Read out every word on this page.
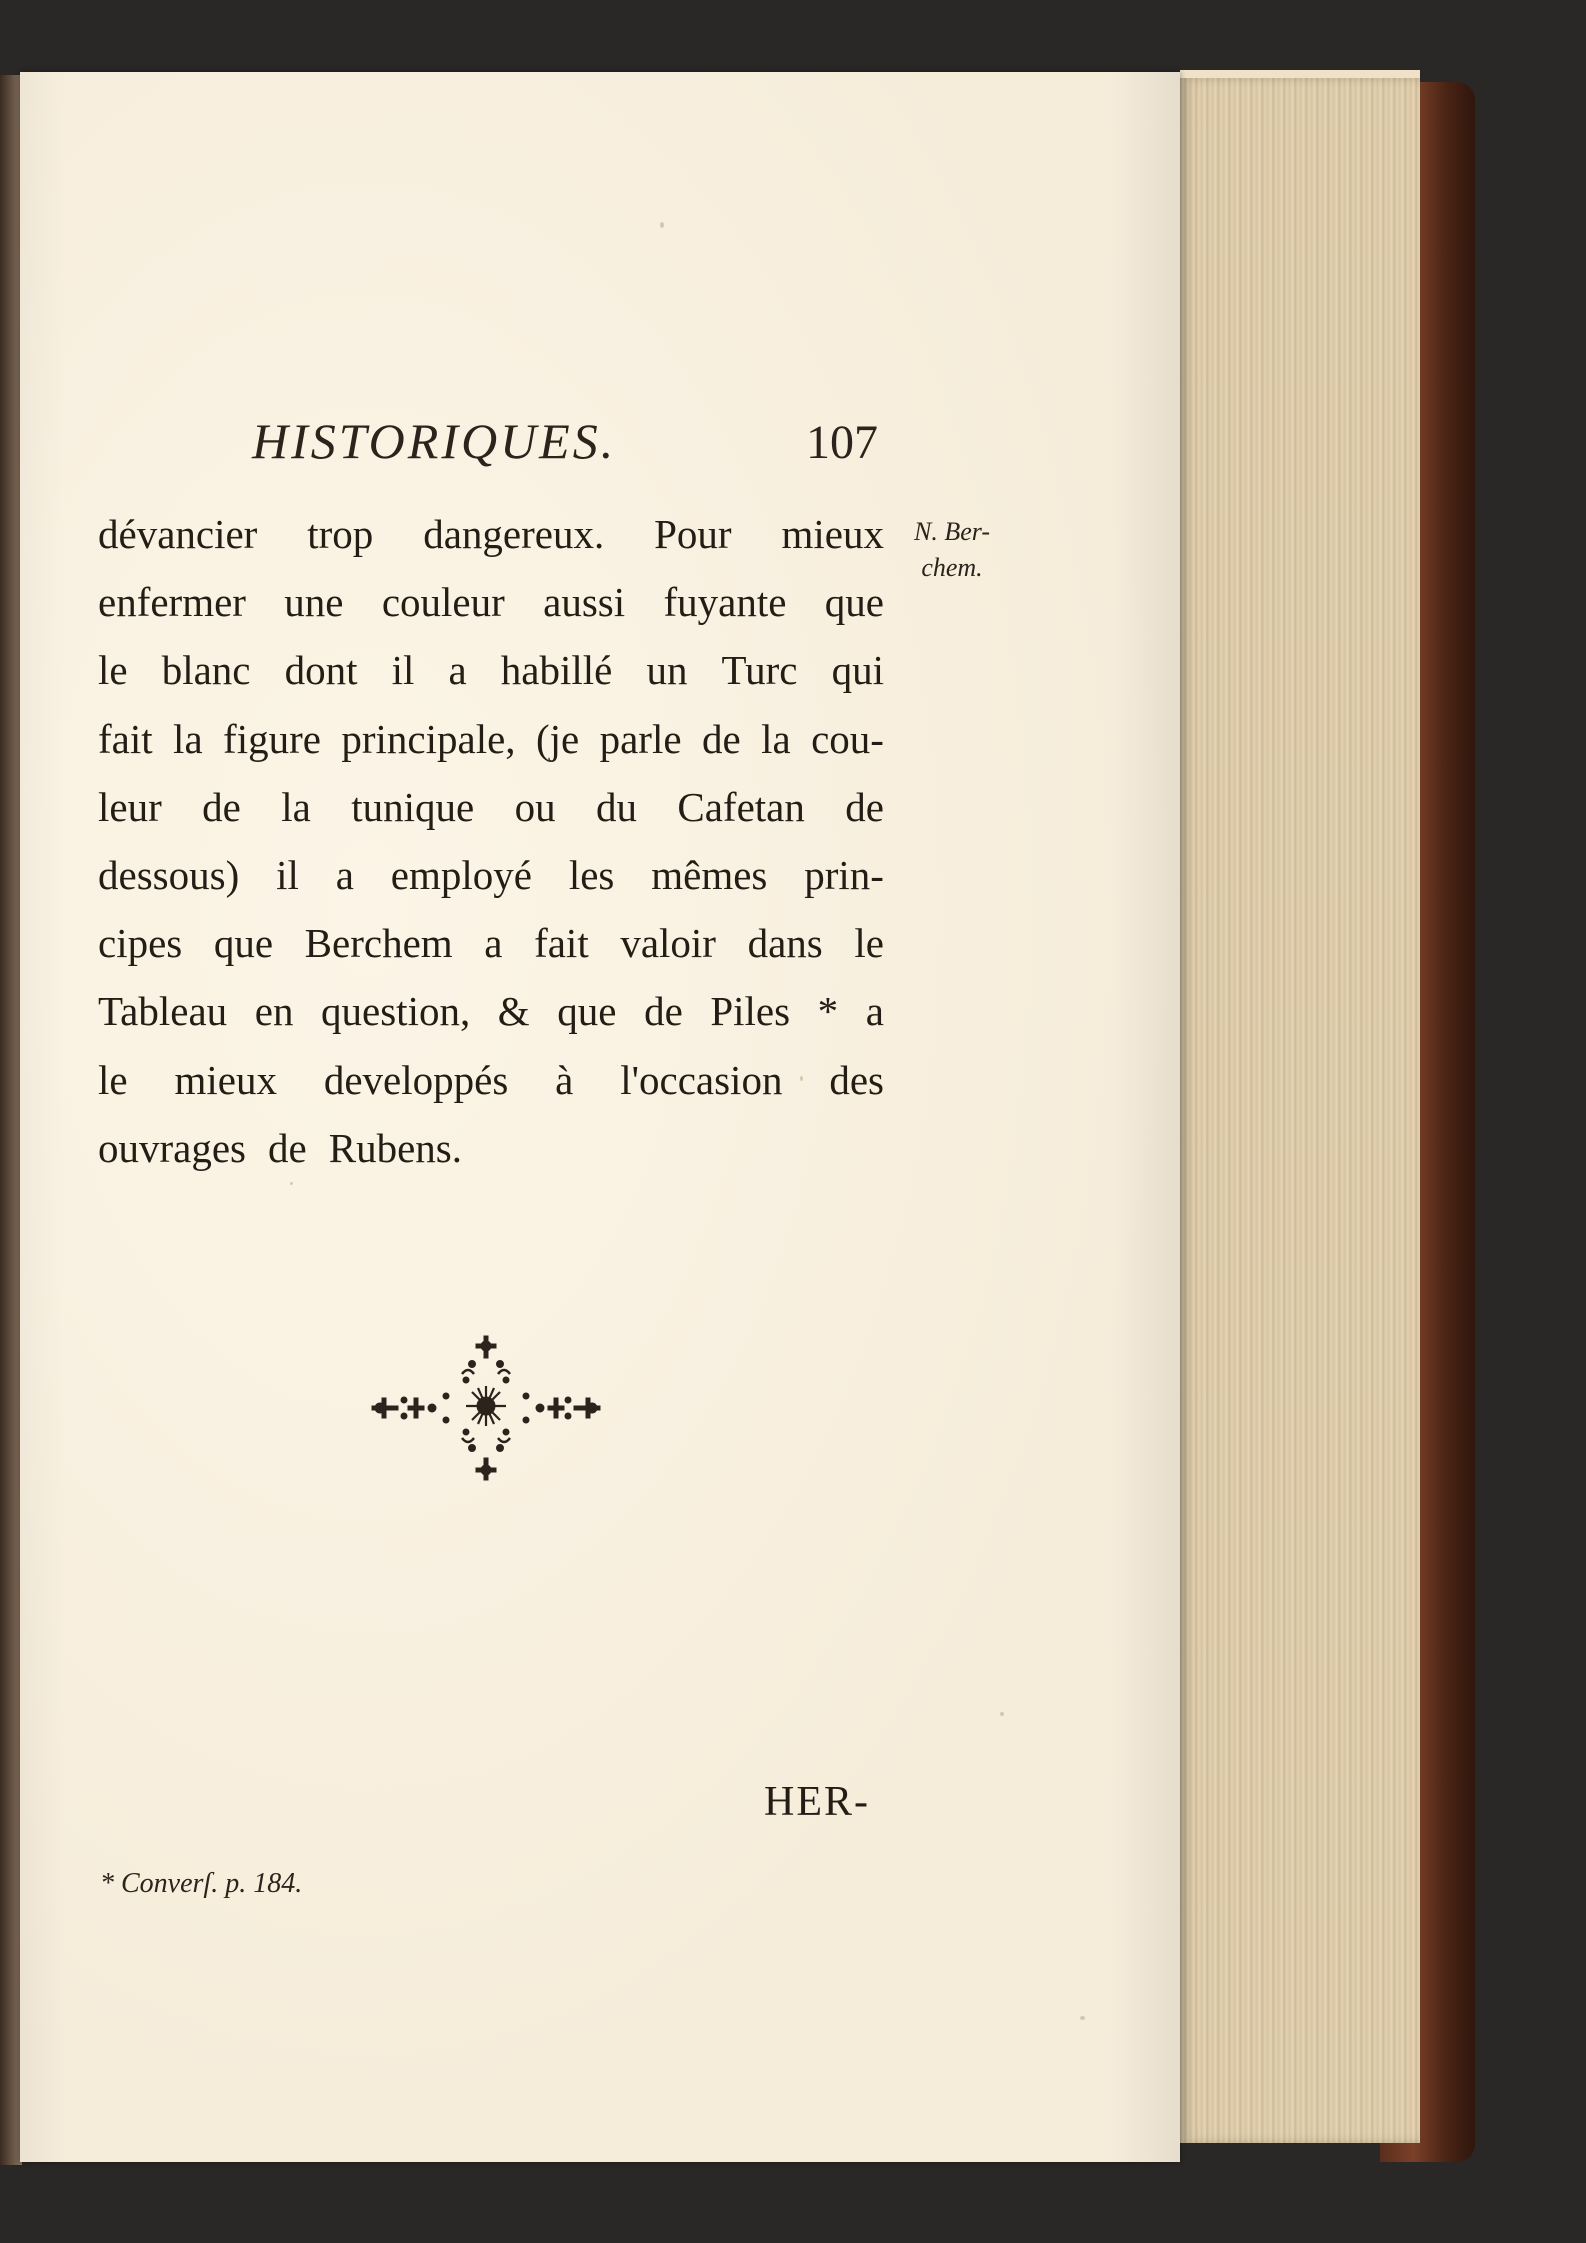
HISTORIQUES.	107
N. Ber-
chem.
dévancier trop dangereux. Pour mieux
enfermer une couleur aussi fuyante que
le blanc dont il a habillé un Turc qui
fait la figure principale, (je parle de la cou-
leur de la tunique ou du Cafetan de
dessous) il a employé les mêmes prin-
cipes que Berchem a fait valoir dans le
Tableau en question, & que de Piles * a
le mieux developpés à l'occasion des
ouvrages de Rubens.
HER-
* Converſ. p. 184.
